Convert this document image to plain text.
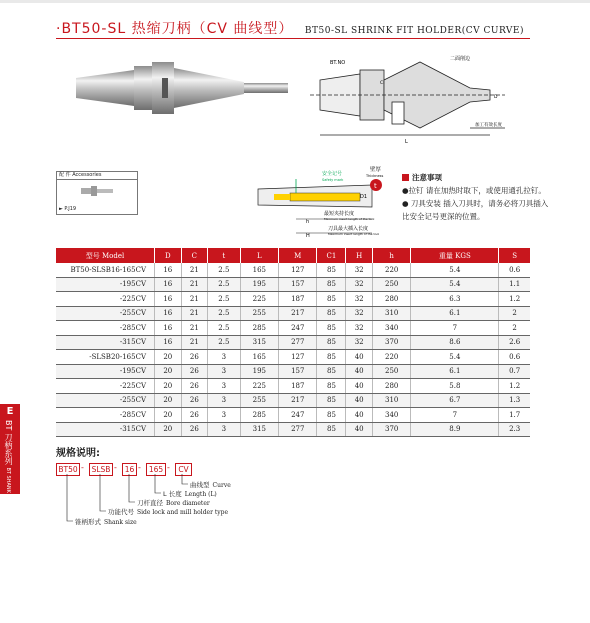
·BT50-SL 热缩刀柄（CV 曲线型） BT50-SL SHRINK FIT HOLDER(CV CURVE)
E
BT 刀柄系列 BT SHANK SYSTEMS
BT.NO
二面削边
加工有效长度
L
CI
D
配 件 Accessories
► P.J19
安全记号
Safety mark
壁厚
Thickness
t
D1
最短夹持长度
Minimum insert length of the tool
刀具最大插入长度
Maximum insert length of the tool
h
H
注意事项
●拉钉 请在加热时取下，或使用通孔拉钉。
● 刀具安装 插入刀具时，请务必将刀具插入比安全记号更深的位置。
型号 Model	D	C	t	L	M	C1	H	h	重量 KGS	S
BT50-SLSB16-165CV	16	21	2.5	165	127	85	32	220	5.4	0.6
-195CV	16	21	2.5	195	157	85	32	250	5.4	1.1
-225CV	16	21	2.5	225	187	85	32	280	6.3	1.2
-255CV	16	21	2.5	255	217	85	32	310	6.1	2
-285CV	16	21	2.5	285	247	85	32	340	7	2
-315CV	16	21	2.5	315	277	85	32	370	8.6	2.6
-SLSB20-165CV	20	26	3	165	127	85	40	220	5.4	0.6
-195CV	20	26	3	195	157	85	40	250	6.1	0.7
-225CV	20	26	3	225	187	85	40	280	5.8	1.2
-255CV	20	26	3	255	217	85	40	310	6.7	1.3
-285CV	20	26	3	285	247	85	40	340	7	1.7
-315CV	20	26	3	315	277	85	40	370	8.9	2.3
规格说明:
BT50 -	SLSB -	16 -	165 -	CV
曲线型 Curve
L 长度 Length (L)
刀杆直径 Bore diameter
功能代号 Side lock and mill holder type
锥柄形式 Shank size
